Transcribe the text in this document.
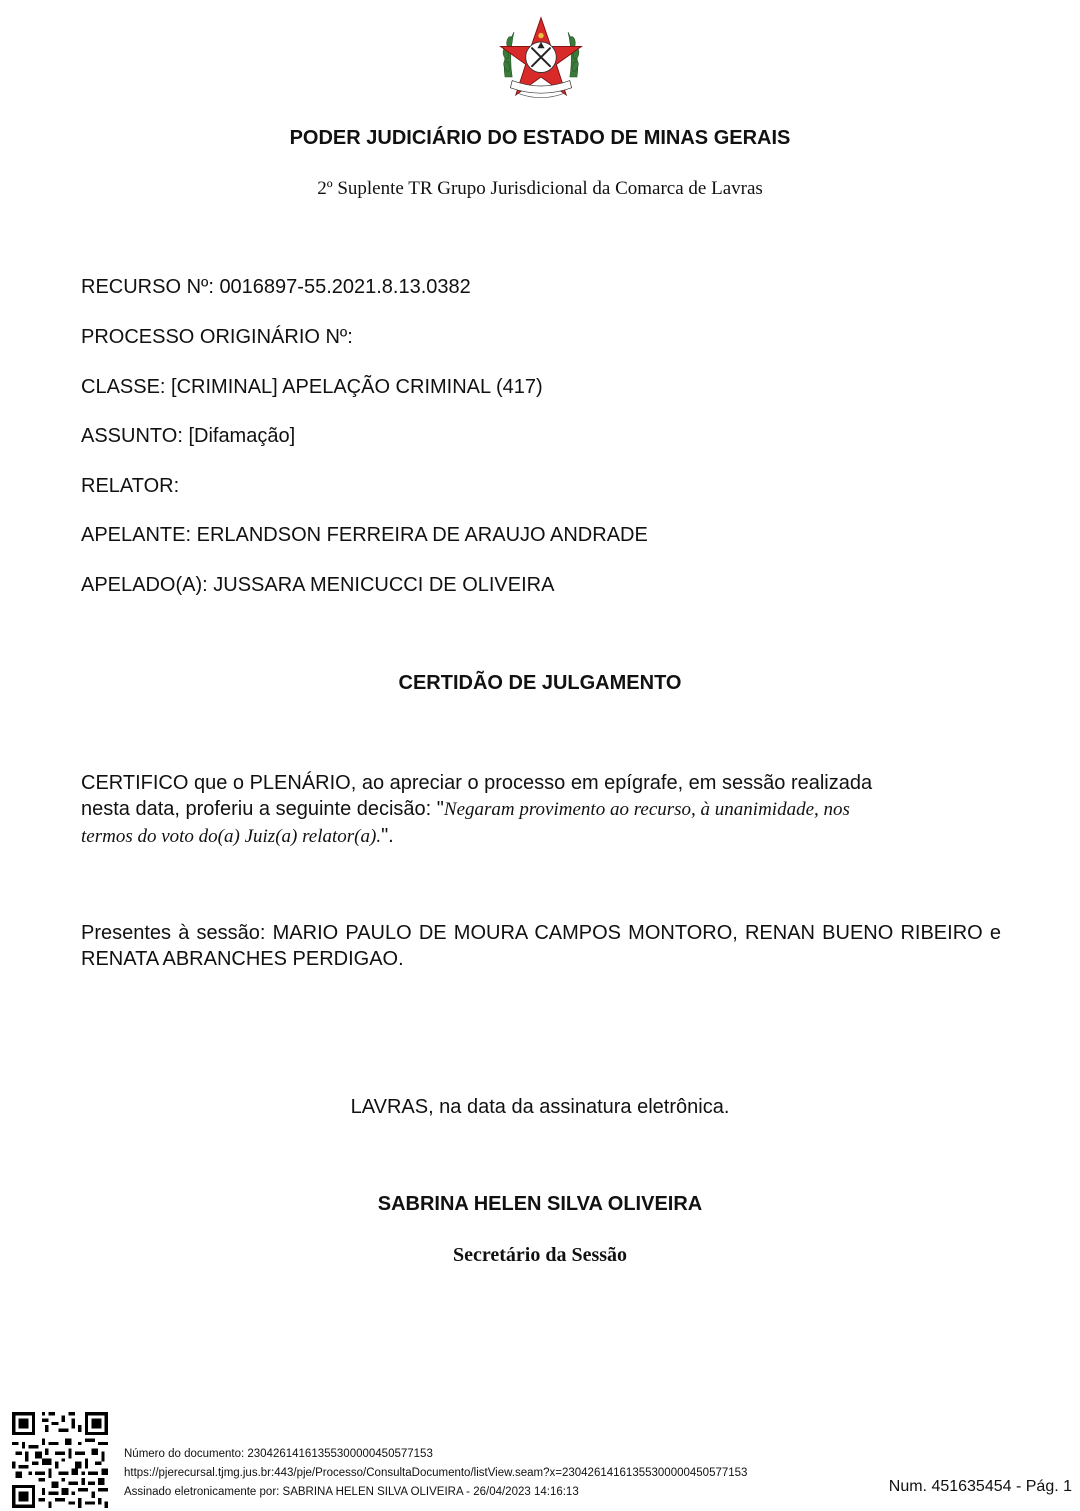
PODER JUDICIÁRIO DO ESTADO DE MINAS GERAIS
2º Suplente TR Grupo Jurisdicional da Comarca de Lavras
RECURSO Nº: 0016897-55.2021.8.13.0382
PROCESSO ORIGINÁRIO Nº:
CLASSE: [CRIMINAL] APELAÇÃO CRIMINAL (417)
ASSUNTO: [Difamação]
RELATOR:
APELANTE: ERLANDSON FERREIRA DE ARAUJO ANDRADE
APELADO(A): JUSSARA MENICUCCI DE OLIVEIRA
CERTIDÃO DE JULGAMENTO
CERTIFICO que o PLENÁRIO, ao apreciar o processo em epígrafe, em sessão realizada
nesta data, proferiu a seguinte decisão: "Negaram provimento ao recurso, à unanimidade, nos
termos do voto do(a) Juiz(a) relator(a).".
Presentes à sessão: MARIO PAULO DE MOURA CAMPOS MONTORO, RENAN BUENO RIBEIRO e RENATA ABRANCHES PERDIGAO.
LAVRAS, na data da assinatura eletrônica.
SABRINA HELEN SILVA OLIVEIRA
Secretário da Sessão
Número do documento: 23042614161355300000450577153
https://pjerecursal.tjmg.jus.br:443/pje/Processo/ConsultaDocumento/listView.seam?x=23042614161355300000450577153
Assinado eletronicamente por: SABRINA HELEN SILVA OLIVEIRA - 26/04/2023 14:16:13	Num. 451635454 - Pág. 1
